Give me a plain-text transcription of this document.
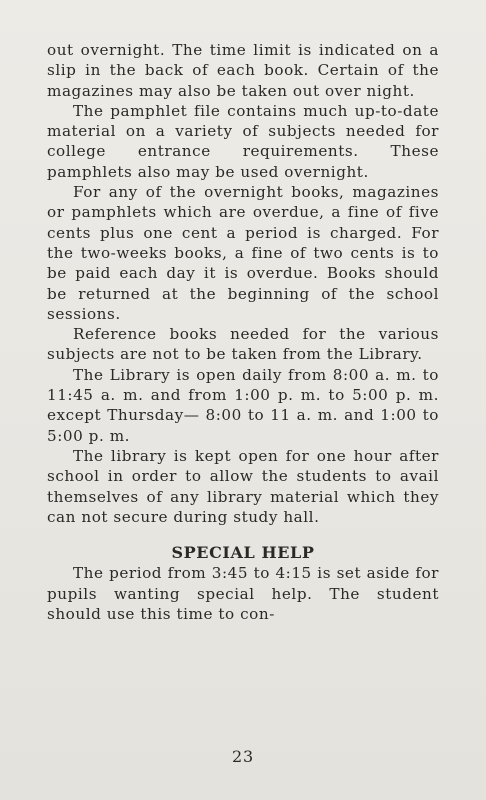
out overnight. The time limit is indicated on a slip in the back of each book. Certain of the magazines may also be taken out over night.

The pamphlet file contains much up-to-date material on a variety of subjects needed for college entrance requirements. These pamphlets also may be used overnight.

For any of the overnight books, magazines or pamphlets which are overdue, a fine of five cents plus one cent a period is charged. For the two-weeks books, a fine of two cents is to be paid each day it is overdue. Books should be returned at the beginning of the school sessions.

Reference books needed for the various subjects are not to be taken from the Library.

The Library is open daily from 8:00 a. m. to 11:45 a. m. and from 1:00 p. m. to 5:00 p. m. except Thursday— 8:00 to 11 a. m. and 1:00 to 5:00 p. m.

The library is kept open for one hour after school in order to allow the students to avail themselves of any library material which they can not secure during study hall.

SPECIAL HELP

The period from 3:45 to 4:15 is set aside for pupils wanting special help. The student should use this time to con-

23
